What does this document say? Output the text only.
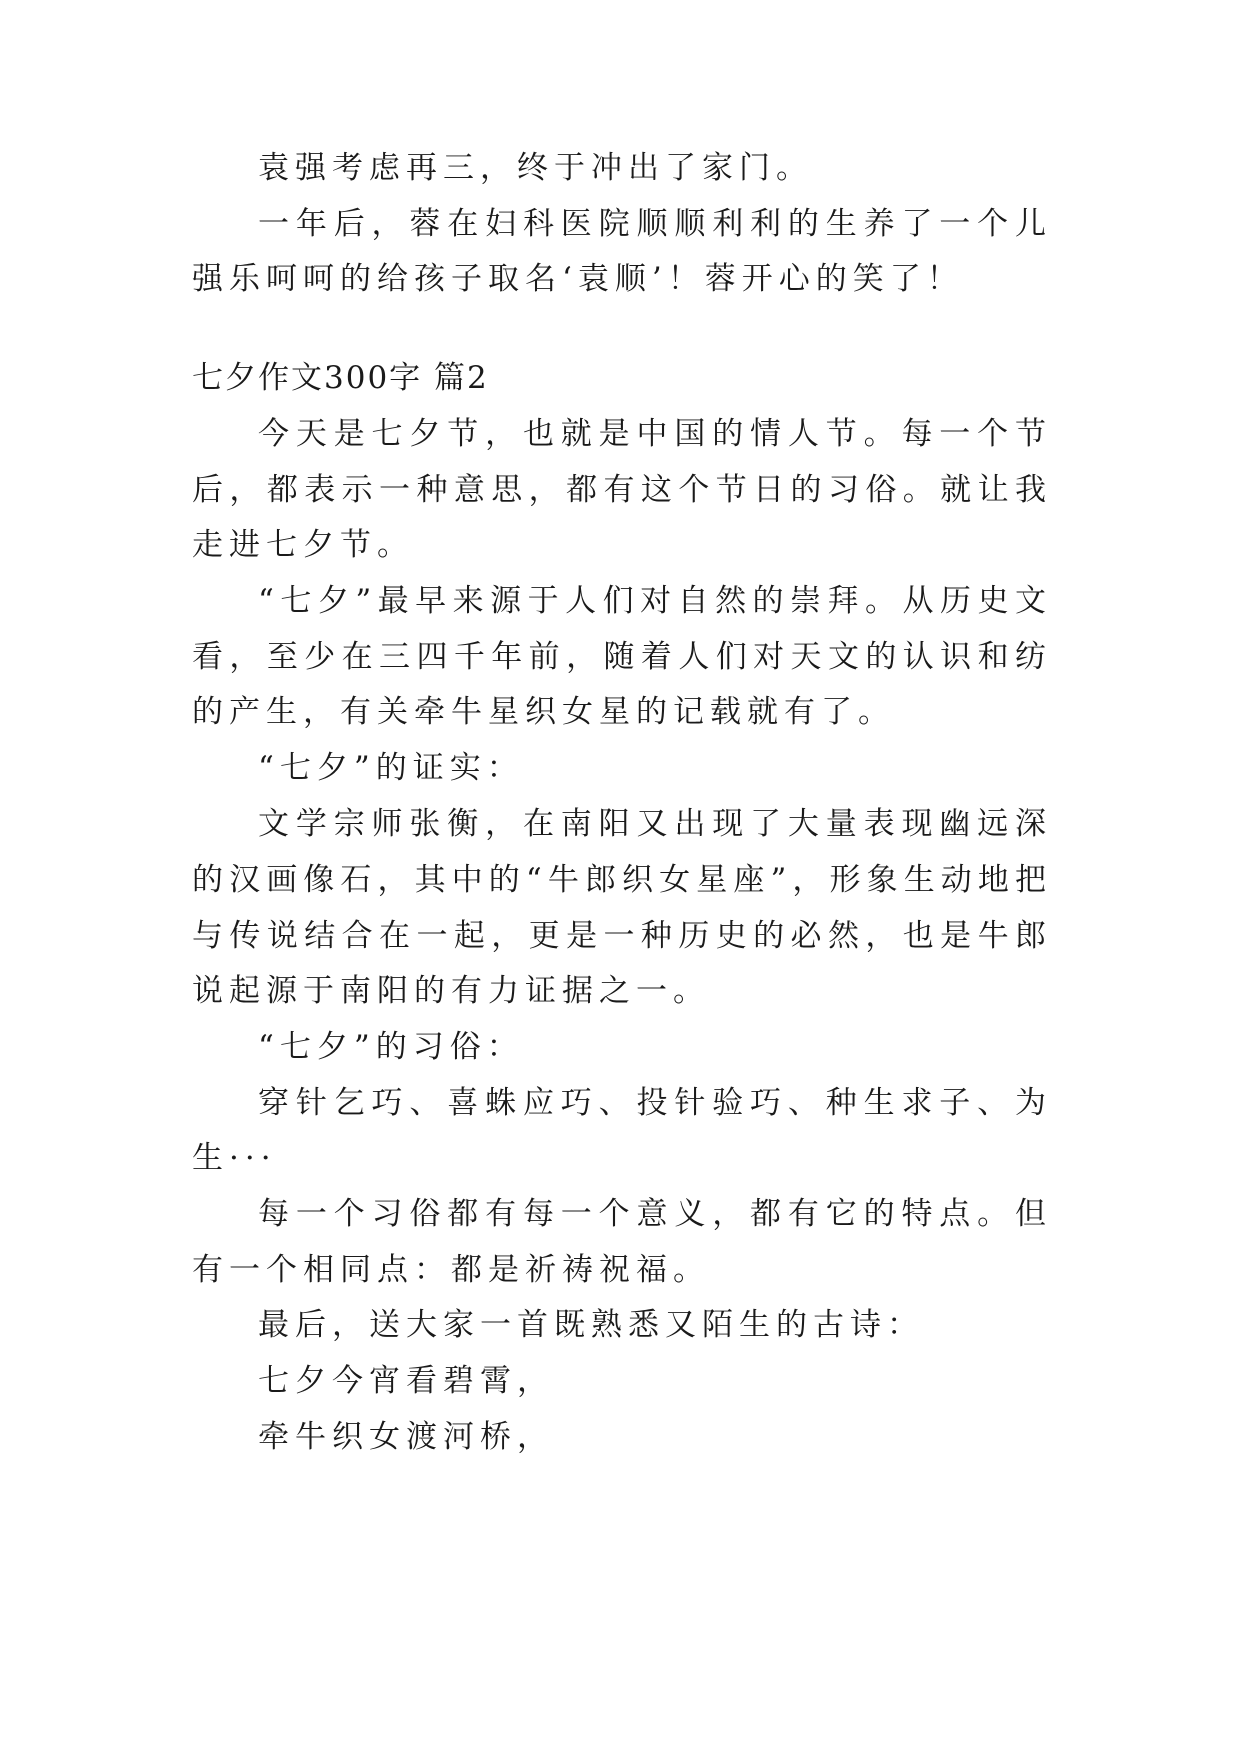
袁强考虑再三，终于冲出了家门。
一年后，蓉在妇科医院顺顺利利的生养了一个儿
强乐呵呵的给孩子取名‘袁顺’！蓉开心的笑了！
七夕作文300字 篇2
今天是七夕节，也就是中国的情人节。每一个节
后，都表示一种意思，都有这个节日的习俗。就让我
走进七夕节。
“七夕”最早来源于人们对自然的崇拜。从历史文
看，至少在三四千年前，随着人们对天文的认识和纺
的产生，有关牵牛星织女星的记载就有了。
“七夕”的证实：
文学宗师张衡，在南阳又出现了大量表现幽远深
的汉画像石，其中的“牛郎织女星座”，形象生动地把
与传说结合在一起，更是一种历史的必然，也是牛郎
说起源于南阳的有力证据之一。
“七夕”的习俗：
穿针乞巧、喜蛛应巧、投针验巧、种生求子、为
生···
每一个习俗都有每一个意义，都有它的特点。但
有一个相同点：都是祈祷祝福。
最后，送大家一首既熟悉又陌生的古诗：
七夕今宵看碧霄，
牵牛织女渡河桥，
